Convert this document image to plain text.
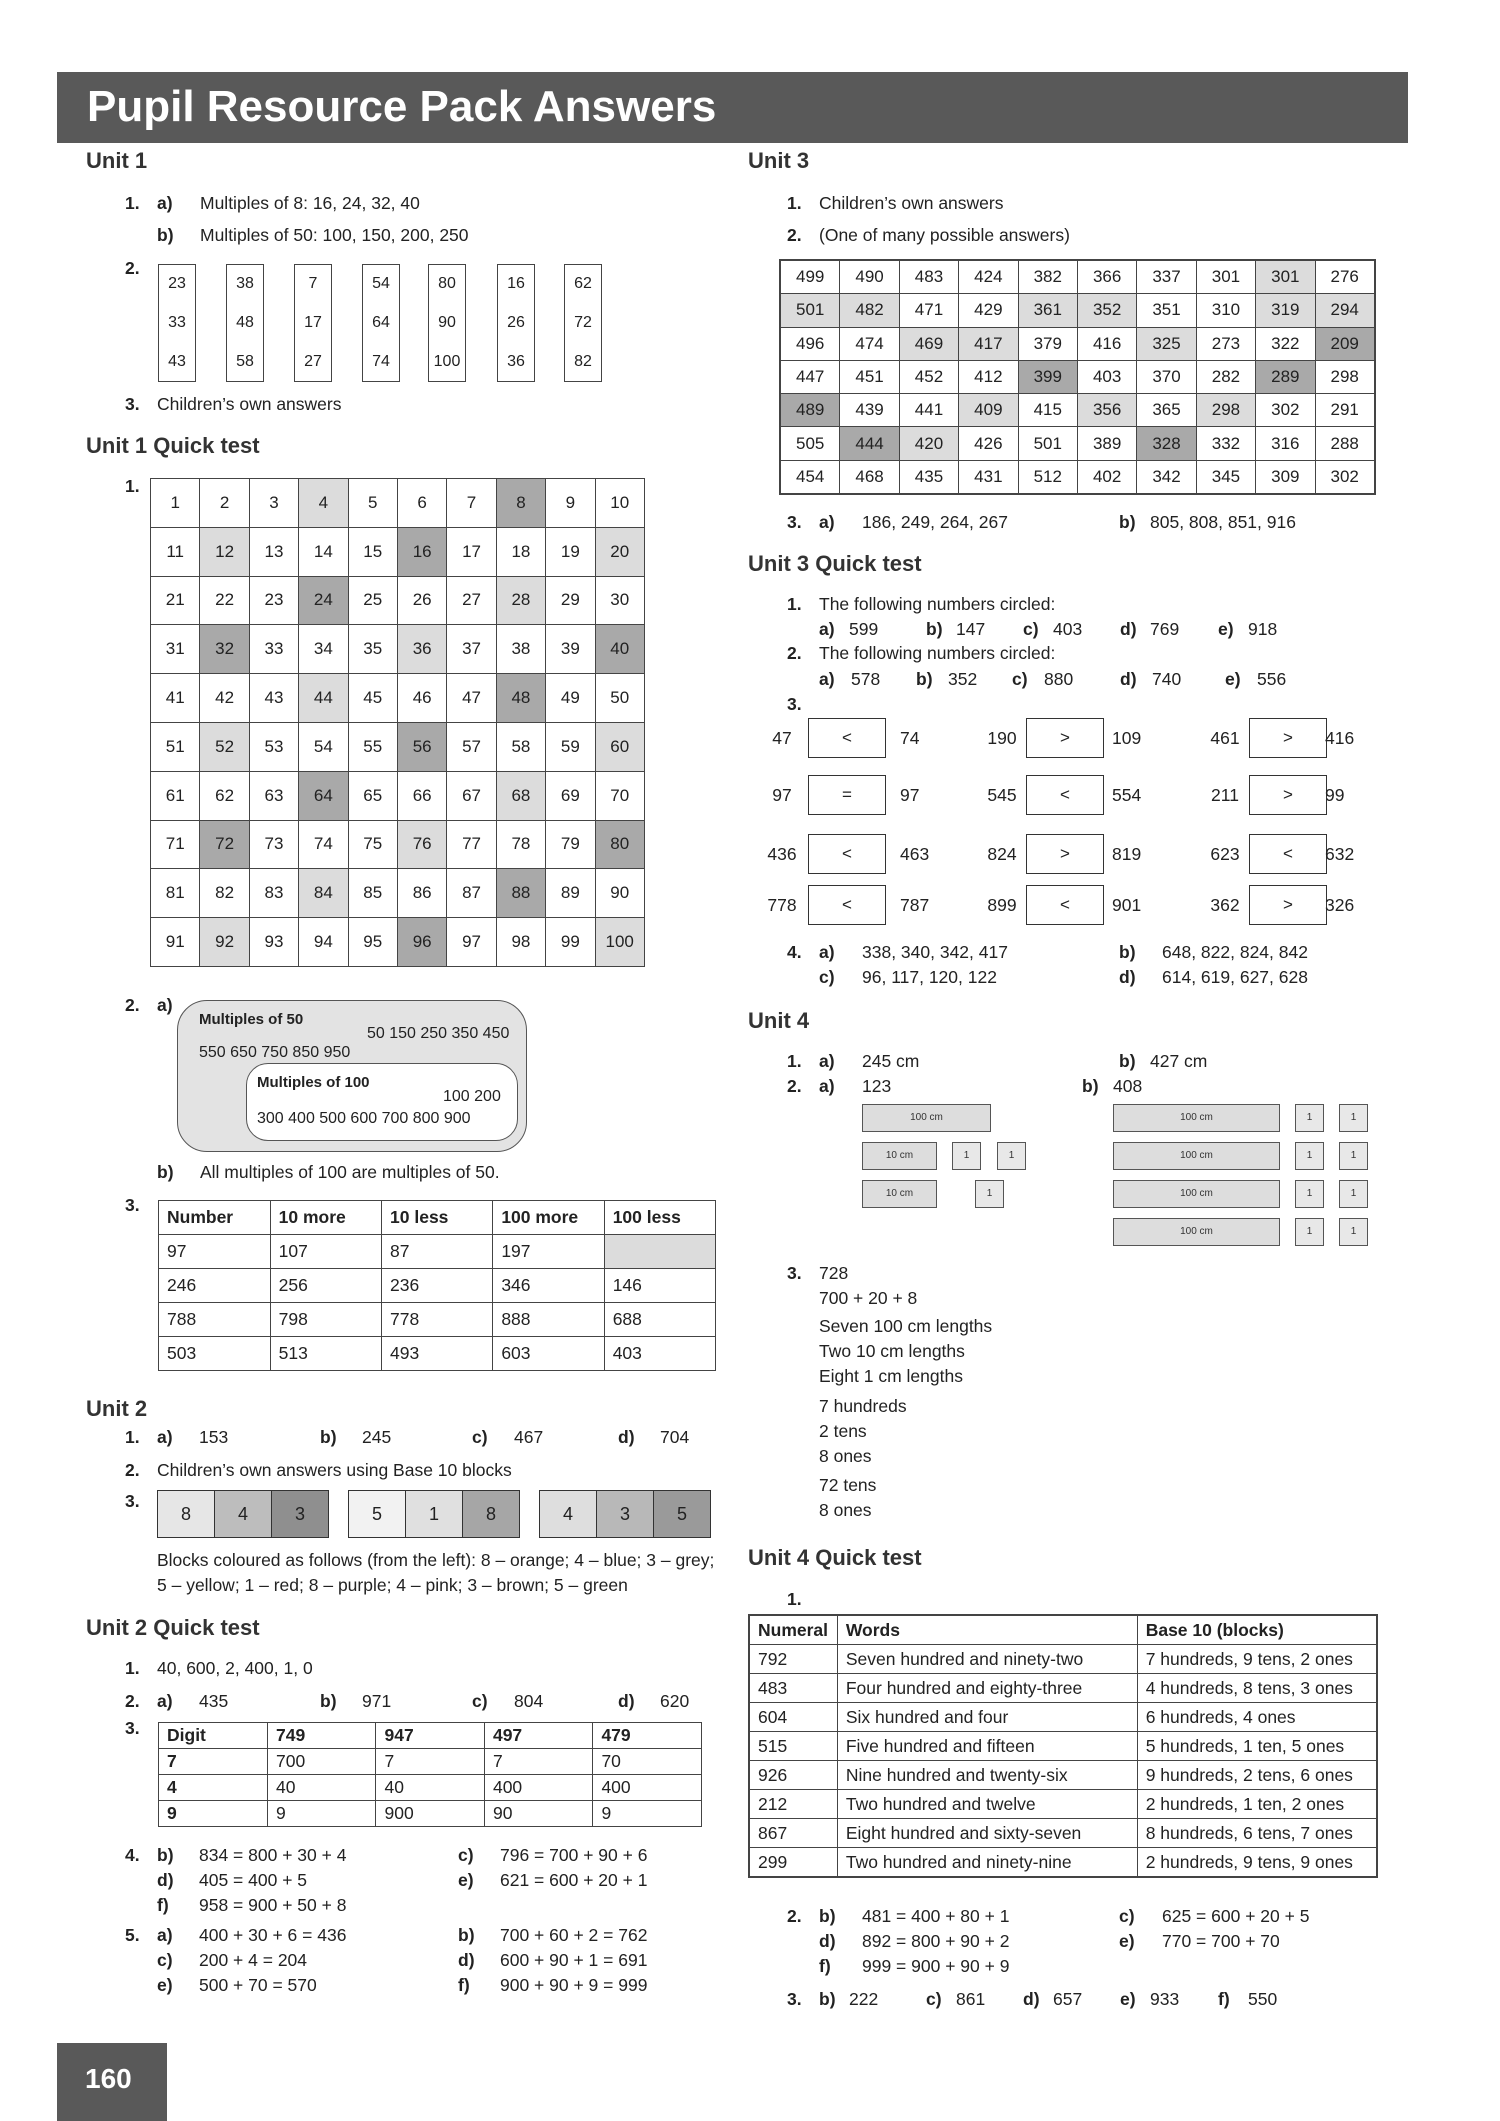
Pupil Resource Pack Answers
Unit 1
1. a) Multiples of 8: 16, 24, 32, 40
b) Multiples of 50: 100, 150, 200, 250
2.
23
33
43
38
48
58
7
17
27
54
64
74
80
90
100
16
26
36
62
72
82
3. Children’s own answers
Unit 1 Quick test
1.
1	2	3	4	5	6	7	8	9	10
11	12	13	14	15	16	17	18	19	20
21	22	23	24	25	26	27	28	29	30
31	32	33	34	35	36	37	38	39	40
41	42	43	44	45	46	47	48	49	50
51	52	53	54	55	56	57	58	59	60
61	62	63	64	65	66	67	68	69	70
71	72	73	74	75	76	77	78	79	80
81	82	83	84	85	86	87	88	89	90
91	92	93	94	95	96	97	98	99	100
2. a)
Multiples of 50
50 150 250 350 450
550 650 750 850 950
Multiples of 100
100 200
300 400 500 600 700 800 900
b) All multiples of 100 are multiples of 50.
3.
Number	10 more	10 less	100 more	100 less
97	107	87	197	
246	256	236	346	146
788	798	778	888	688
503	513	493	603	403
Unit 2
1. a) 153	b) 245	c) 467	d) 704
2. Children’s own answers using Base 10 blocks
3.
8	4	3	5	1	8	4	3	5
Blocks coloured as follows (from the left): 8 – orange; 4 – blue; 3 – grey;
5 – yellow; 1 – red; 8 – purple; 4 – pink; 3 – brown; 5 – green
Unit 2 Quick test
1. 40, 600, 2, 400, 1, 0
2. a) 435	b) 971	c) 804	d) 620
3. Digit	749	947	497	479
7	700	7	7	70
4	40	40	400	400
9	9	900	90	9
4. b) 834 = 800 + 30 + 4	c) 796 = 700 + 90 + 6
d) 405 = 400 + 5	e) 621 = 600 + 20 + 1
f) 958 = 900 + 50 + 8
5. a) 400 + 30 + 6 = 436	b) 700 + 60 + 2 = 762
c) 200 + 4 = 204	d) 600 + 90 + 1 = 691
e) 500 + 70 = 570	f) 900 + 90 + 9 = 999
Unit 3
1. Children’s own answers
2. (One of many possible answers)
499	490	483	424	382	366	337	301	301	276
501	482	471	429	361	352	351	310	319	294
496	474	469	417	379	416	325	273	322	209
447	451	452	412	399	403	370	282	289	298
489	439	441	409	415	356	365	298	302	291
505	444	420	426	501	389	328	332	316	288
454	468	435	431	512	402	342	345	309	302
3. a) 186, 249, 264, 267	b) 805, 808, 851, 916
Unit 3 Quick test
1. The following numbers circled:
a) 599	b) 147 c) 403 d) 769 e) 918
2. The following numbers circled:
a) 578 b) 352 c) 880	d) 740	e) 556
3.
47	<	74	190	>	109	461	>	416
97	=	97	545	<	554	211	>	99
436	<	463	824	>	819	623	<	632
778	<	787	899	<	901	362	>	326
4. a) 338, 340, 342, 417	b) 648, 822, 824, 842
c) 96, 117, 120, 122	d) 614, 619, 627, 628
Unit 4
1. a) 245 cm	b) 427 cm
2. a) 123	b) 408
100 cm
10 cm	1	1
10 cm	1
100 cm	1	1
100 cm	1	1
100 cm	1	1
100 cm	1	1
3. 728
700 + 20 + 8
Seven 100 cm lengths
Two 10 cm lengths
Eight 1 cm lengths
7 hundreds
2 tens
8 ones
72 tens
8 ones
Unit 4 Quick test
1.
Numeral	Words	Base 10 (blocks)
792	Seven hundred and ninety-two	7 hundreds, 9 tens, 2 ones
483	Four hundred and eighty-three	4 hundreds, 8 tens, 3 ones
604	Six hundred and four	6 hundreds, 4 ones
515	Five hundred and fifteen	5 hundreds, 1 ten, 5 ones
926	Nine hundred and twenty-six	9 hundreds, 2 tens, 6 ones
212	Two hundred and twelve	2 hundreds, 1 ten, 2 ones
867	Eight hundred and sixty-seven	8 hundreds, 6 tens, 7 ones
299	Two hundred and ninety-nine	2 hundreds, 9 tens, 9 ones
2. b) 481 = 400 + 80 + 1	c) 625 = 600 + 20 + 5
d) 892 = 800 + 90 + 2	e) 770 = 700 + 70
f) 999 = 900 + 90 + 9
3. b) 222	c) 861 d) 657 e) 933 f) 550
160
